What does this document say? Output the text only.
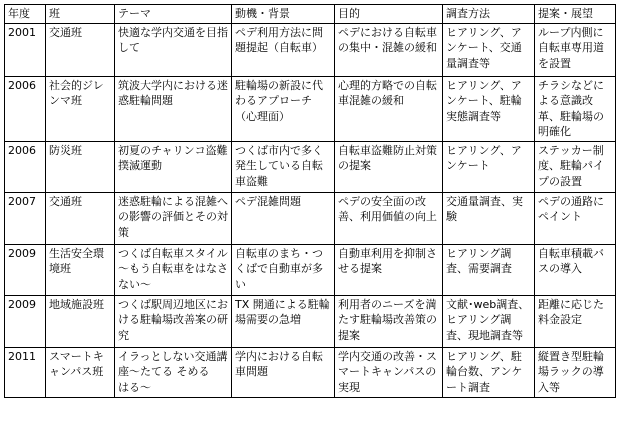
年度	班	テーマ	動機・背景	目的	調査方法	提案・展望
2001	交通班	快適な学内交通を目指して	ペデ利用方法に問題提起（自転車）	ペデにおける自転車の集中・混雑の緩和	ヒアリング、アンケート、交通量調査等	ループ内側に自転車専用道を設置
2006	社会的ジレンマ班	筑波大学内における迷惑駐輪問題	駐輪場の新設に代わるアプローチ（心理面）	心理的方略での自転車混雑の緩和	ヒアリング、アンケート、駐輪実態調査等	チラシなどによる意識改革、駐輪場の明確化
2006	防災班	初夏のチャリンコ盗難撲滅運動	つくば市内で多く発生している自転車盗難	自転車盗難防止対策の提案	ヒアリング、アンケート	ステッカー制度、駐輪パイプの設置
2007	交通班	迷惑駐輪による混雑への影響の評価とその対策	ペデ混雑問題	ペデの安全面の改善、利用価値の向上	交通量調査、実験	ペデの通路にペイント
2009	生活安全環境班	つくば自転車スタイル～もう自転車をはなさない～	自転車のまち・つくばで自動車が多い	自動車利用を抑制させる提案	ヒアリング調査、需要調査	自転車積載バスの導入
2009	地域施設班	つくば駅周辺地区における駐輪場改善案の研究	TX 開通による駐輪場需要の急増	利用者のニーズを満たす駐輪場改善策の提案	文献･web調査、ヒアリング調査、現地調査等	距離に応じた料金設定
2011	スマートキャンパス班	イラっとしない交通講座～たてる そめる　はる～	学内における自転車問題	学内交通の改善・スマートキャンパスの実現	ヒアリング、駐輪台数、アンケート調査	縦置き型駐輪場ラックの導入等
